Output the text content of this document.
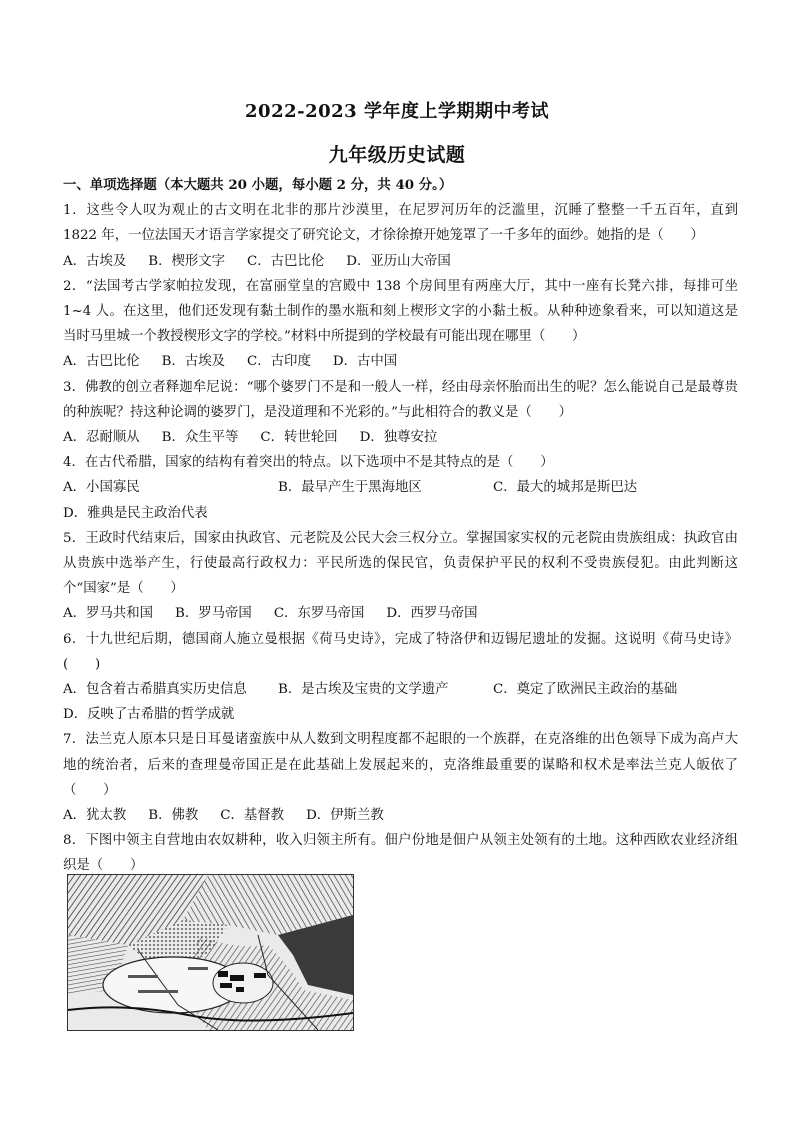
2022-2023 学年度上学期期中考试
九年级历史试题
一、单项选择题（本大题共 20 小题，每小题 2 分，共 40 分。）

1．这些令人叹为观止的古文明在北非的那片沙漠里，在尼罗河历年的泛滥里，沉睡了整整一千五百年，直到 1822 年，一位法国天才语言学家提交了研究论文，才徐徐撩开她笼罩了一千多年的面纱。她指的是（　　）

A．古埃及 B．楔形文字 C．古巴比伦 D．亚历山大帝国

2．“法国考古学家帕拉发现，在富丽堂皇的宫殿中 138 个房间里有两座大厅，其中一座有长凳六排，每排可坐 1~4 人。在这里，他们还发现有黏土制作的墨水瓶和刻上楔形文字的小黏土板。从种种迹象看来，可以知道这是当时马里城一个教授楔形文字的学校。”材料中所提到的学校最有可能出现在哪里（　　）

A．古巴比伦 B．古埃及 C．古印度 D．古中国

3．佛教的创立者释迦牟尼说：“哪个婆罗门不是和一般人一样，经由母亲怀胎而出生的呢？怎么能说自己是最尊贵的种族呢？持这种论调的婆罗门，是没道理和不光彩的。”与此相符合的教义是（　　）

A．忍耐顺从 B．众生平等 C．转世轮回 D．独尊安拉

4．在古代希腊，国家的结构有着突出的特点。以下选项中不是其特点的是（　　）

A．小国寡民	B．最早产生于黑海地区	C．最大的城邦是斯巴达
D．雅典是民主政治代表

5．王政时代结束后，国家由执政官、元老院及公民大会三权分立。掌握国家实权的元老院由贵族组成：执政官由从贵族中选举产生，行使最高行政权力：平民所选的保民官，负责保护平民的权利不受贵族侵犯。由此判断这个“国家”是（　　）

A．罗马共和国 B．罗马帝国 C．东罗马帝国 D．西罗马帝国

6．十九世纪后期，德国商人施立曼根据《荷马史诗》，完成了特洛伊和迈锡尼遗址的发掘。这说明《荷马史诗》(　　)

A．包含着古希腊真实历史信息	B．是古埃及宝贵的文学遗产	C．奠定了欧洲民主政治的基础
D．反映了古希腊的哲学成就

7．法兰克人原本只是日耳曼诸蛮族中从人数到文明程度都不起眼的一个族群，在克洛维的出色领导下成为高卢大地的统治者，后来的查理曼帝国正是在此基础上发展起来的，克洛维最重要的谋略和权术是率法兰克人皈依了（　　）

A．犹太教 B．佛教 C．基督教 D．伊斯兰教

8．下图中领主自营地由农奴耕种，收入归领主所有。佃户份地是佃户从领主处领有的土地。这种西欧农业经济组织是（　　）
